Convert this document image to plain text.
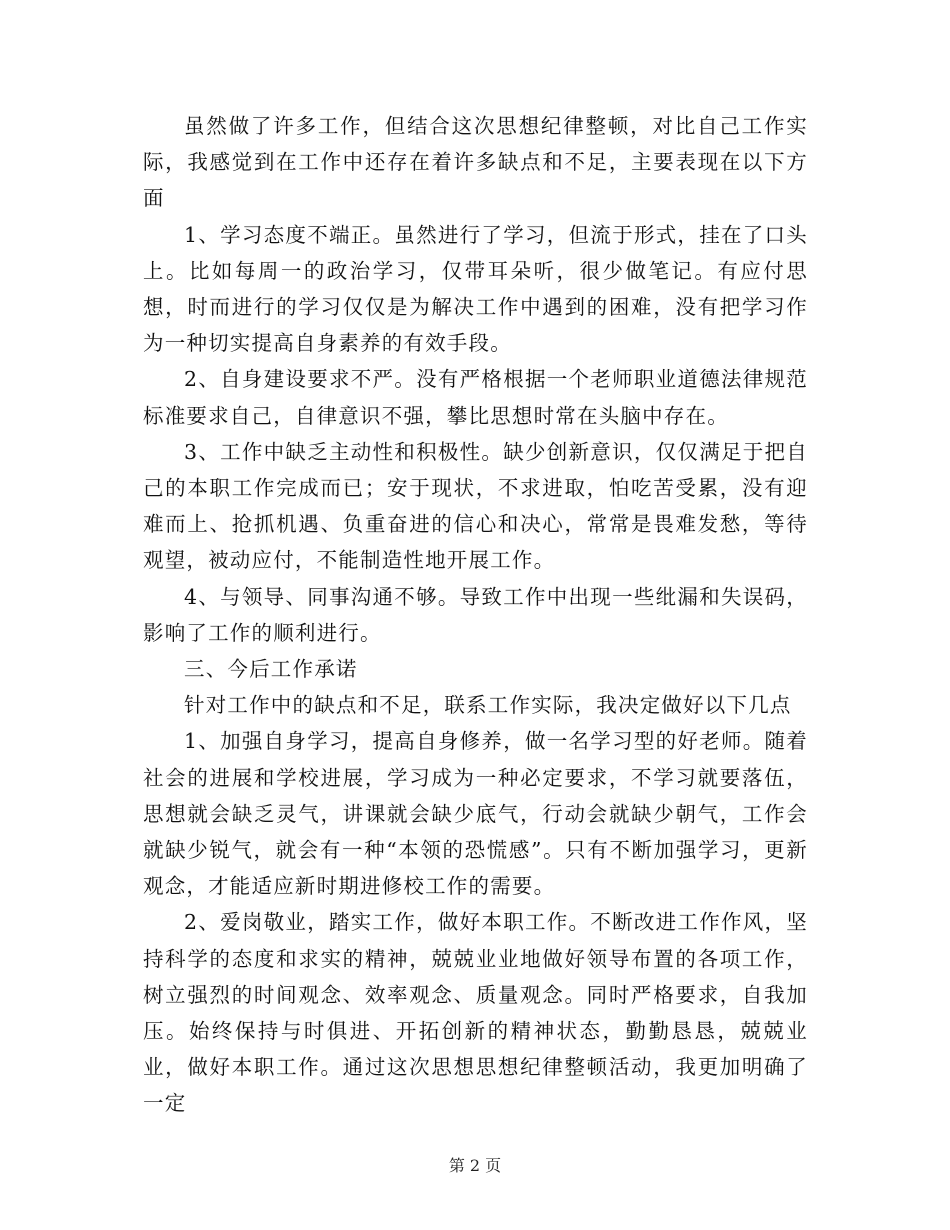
虽然做了许多工作，但结合这次思想纪律整顿，对比自己工作实际，我感觉到在工作中还存在着许多缺点和不足，主要表现在以下方面

1、学习态度不端正。虽然进行了学习，但流于形式，挂在了口头上。比如每周一的政治学习，仅带耳朵听，很少做笔记。有应付思想，时而进行的学习仅仅是为解决工作中遇到的困难，没有把学习作为一种切实提高自身素养的有效手段。

2、自身建设要求不严。没有严格根据一个老师职业道德法律规范标准要求自己，自律意识不强，攀比思想时常在头脑中存在。

3、工作中缺乏主动性和积极性。缺少创新意识，仅仅满足于把自己的本职工作完成而已；安于现状，不求进取，怕吃苦受累，没有迎难而上、抢抓机遇、负重奋进的信心和决心，常常是畏难发愁，等待观望，被动应付，不能制造性地开展工作。

4、与领导、同事沟通不够。导致工作中出现一些纰漏和失误码，影响了工作的顺利进行。

三、今后工作承诺

针对工作中的缺点和不足，联系工作实际，我决定做好以下几点

1、加强自身学习，提高自身修养，做一名学习型的好老师。随着社会的进展和学校进展，学习成为一种必定要求，不学习就要落伍，思想就会缺乏灵气，讲课就会缺少底气，行动会就缺少朝气，工作会就缺少锐气，就会有一种“本领的恐慌感”。只有不断加强学习，更新观念，才能适应新时期进修校工作的需要。

2、爱岗敬业，踏实工作，做好本职工作。不断改进工作作风，坚持科学的态度和求实的精神，兢兢业业地做好领导布置的各项工作，树立强烈的时间观念、效率观念、质量观念。同时严格要求，自我加压。始终保持与时俱进、开拓创新的精神状态，勤勤恳恳，兢兢业业，做好本职工作。通过这次思想思想纪律整顿活动，我更加明确了一定

第 2 页
